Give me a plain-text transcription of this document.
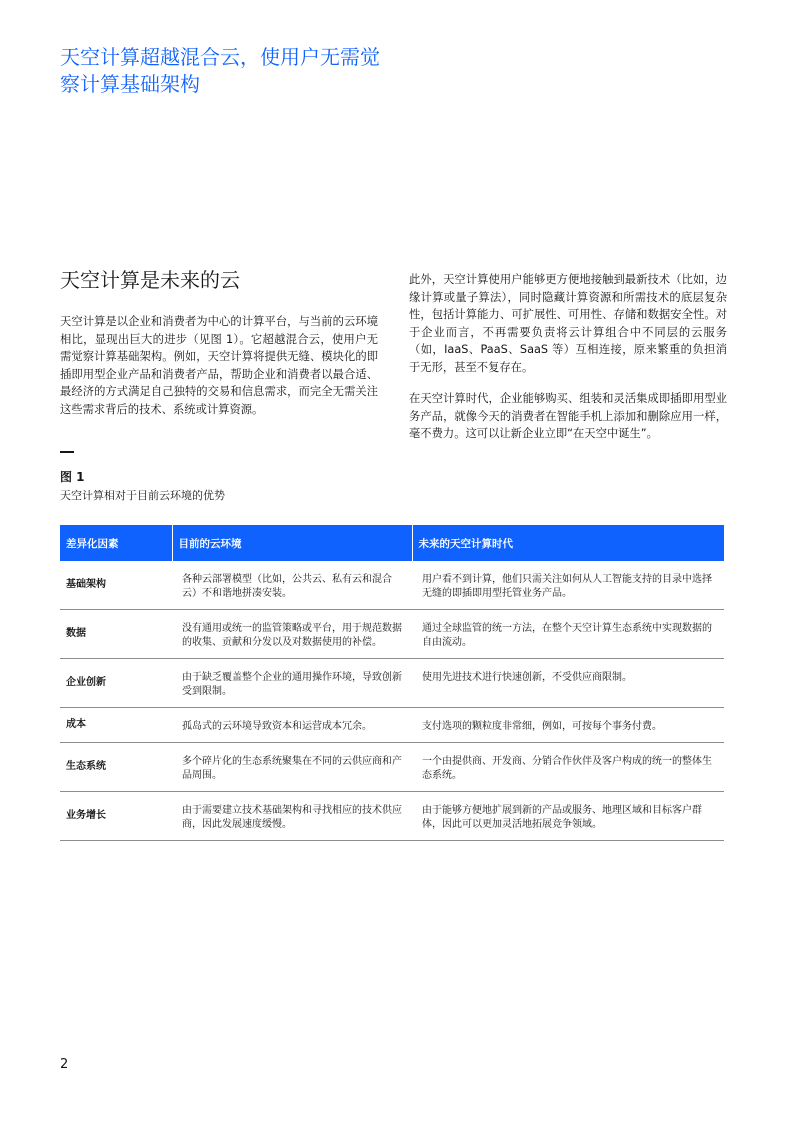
天空计算超越混合云，使用户无需觉察计算基础架构
天空计算是未来的云

天空计算是以企业和消费者为中心的计算平台，与当前的云环境相比，显现出巨大的进步（见图 1）。它超越混合云，使用户无需觉察计算基础架构。例如，天空计算将提供无缝、模块化的即插即用型企业产品和消费者产品，帮助企业和消费者以最合适、最经济的方式满足自己独特的交易和信息需求，而完全无需关注这些需求背后的技术、系统或计算资源。

此外，天空计算使用户能够更方便地接触到最新技术（比如，边缘计算或量子算法），同时隐藏计算资源和所需技术的底层复杂性，包括计算能力、可扩展性、可用性、存储和数据安全性。对于企业而言，不再需要负责将云计算组合中不同层的云服务（如，IaaS、PaaS、SaaS 等）互相连接，原来繁重的负担消于无形，甚至不复存在。

在天空计算时代，企业能够购买、组装和灵活集成即插即用型业务产品，就像今天的消费者在智能手机上添加和删除应用一样，毫不费力。这可以让新企业立即“在天空中诞生”。

图 1

天空计算相对于目前云环境的优势

差异化因素	目前的云环境	未来的天空计算时代
基础架构	各种云部署模型（比如，公共云、私有云和混合云）不和谐地拼凑安装。	用户看不到计算，他们只需关注如何从人工智能支持的目录中选择无缝的即插即用型托管业务产品。
数据	没有通用或统一的监管策略或平台，用于规范数据的收集、贡献和分发以及对数据使用的补偿。	通过全球监管的统一方法，在整个天空计算生态系统中实现数据的自由流动。
企业创新	由于缺乏覆盖整个企业的通用操作环境，导致创新受到限制。	使用先进技术进行快速创新，不受供应商限制。
成本	孤岛式的云环境导致资本和运营成本冗余。	支付选项的颗粒度非常细，例如，可按每个事务付费。
生态系统	多个碎片化的生态系统聚集在不同的云供应商和产品周围。	一个由提供商、开发商、分销合作伙伴及客户构成的统一的整体生态系统。
业务增长	由于需要建立技术基础架构和寻找相应的技术供应商，因此发展速度缓慢。	由于能够方便地扩展到新的产品或服务、地理区域和目标客户群体，因此可以更加灵活地拓展竞争领域。

2
